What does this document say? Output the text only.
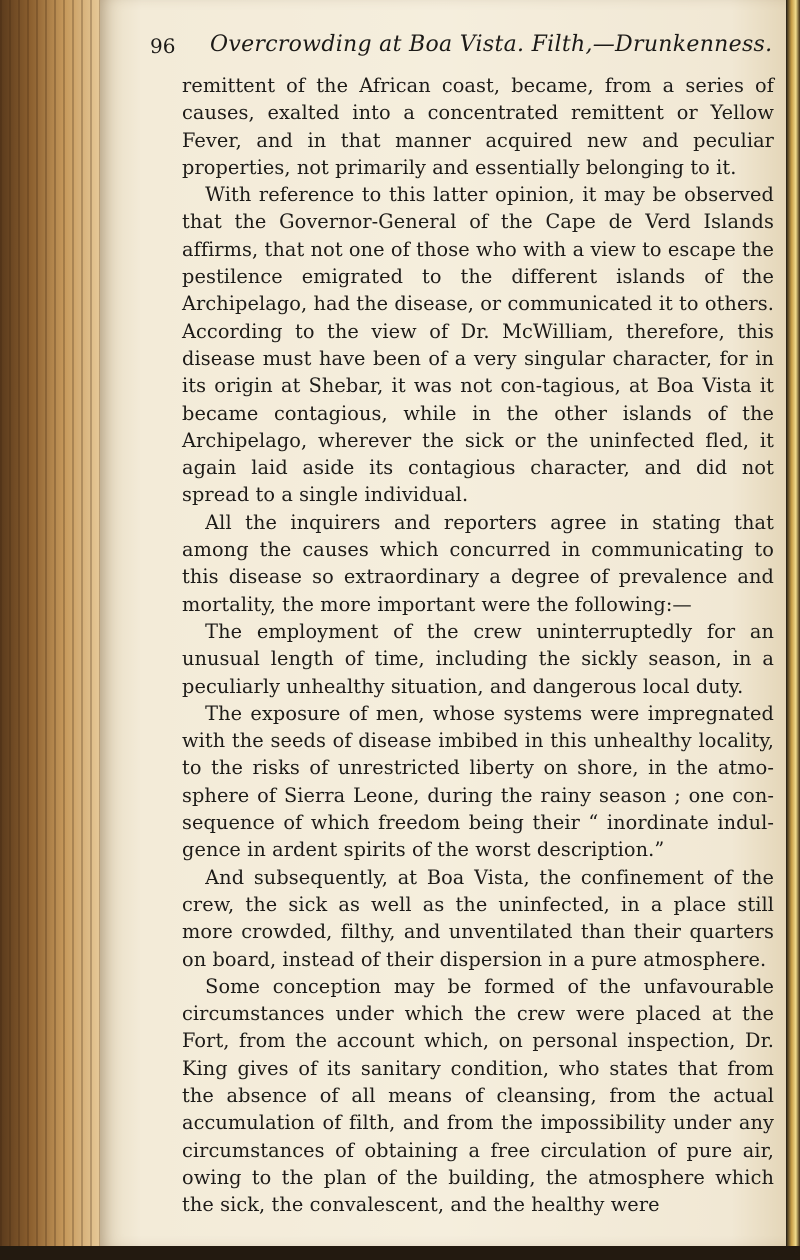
96 Overcrowding at Boa Vista. Filth,—Drunkenness.

remittent of the African coast, became, from a series of causes, exalted into a concentrated remittent or Yellow Fever, and in that manner acquired new and peculiar properties, not primarily and essentially belonging to it.

With reference to this latter opinion, it may be observed that the Governor-General of the Cape de Verd Islands affirms, that not one of those who with a view to escape the pestilence emigrated to the different islands of the Archipelago, had the disease, or communicated it to others. According to the view of Dr. McWilliam, therefore, this disease must have been of a very singular character, for in its origin at Shebar, it was not con-tagious, at Boa Vista it became contagious, while in the other islands of the Archipelago, wherever the sick or the uninfected fled, it again laid aside its contagious character, and did not spread to a single individual.

All the inquirers and reporters agree in stating that among the causes which concurred in communicating to this disease so extraordinary a degree of prevalence and mortality, the more important were the following:—

The employment of the crew uninterruptedly for an unusual length of time, including the sickly season, in a peculiarly unhealthy situation, and dangerous local duty.

The exposure of men, whose systems were impregnated with the seeds of disease imbibed in this unhealthy locality, to the risks of unrestricted liberty on shore, in the atmo-sphere of Sierra Leone, during the rainy season ; one con-sequence of which freedom being their “ inordinate indul-gence in ardent spirits of the worst description.”

And subsequently, at Boa Vista, the confinement of the crew, the sick as well as the uninfected, in a place still more crowded, filthy, and unventilated than their quarters on board, instead of their dispersion in a pure atmosphere.

Some conception may be formed of the unfavourable circumstances under which the crew were placed at the Fort, from the account which, on personal inspection, Dr. King gives of its sanitary condition, who states that from the absence of all means of cleansing, from the actual accumulation of filth, and from the impossibility under any circumstances of obtaining a free circulation of pure air, owing to the plan of the building, the atmosphere which the sick, the convalescent, and the healthy were
